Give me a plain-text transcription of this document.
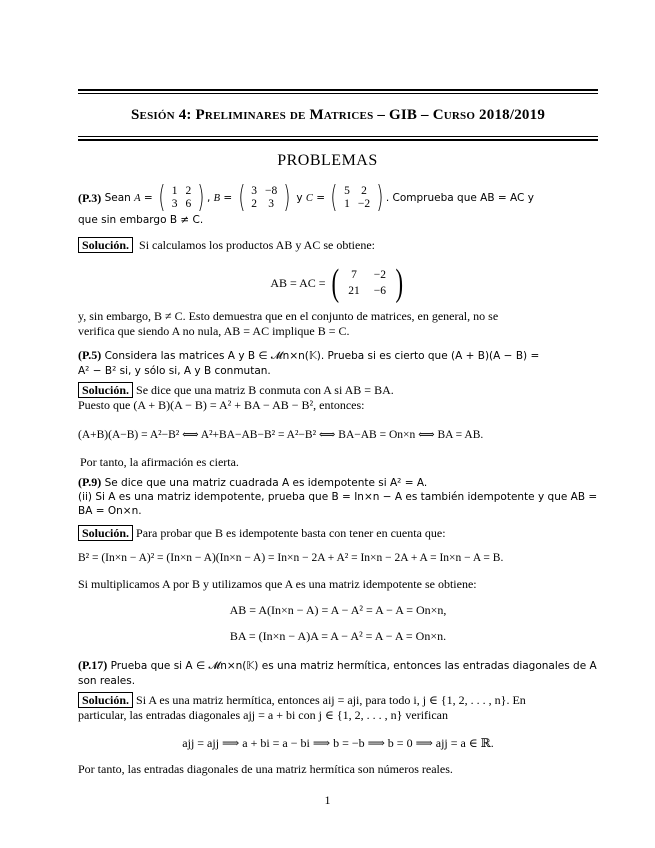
Sesión 4: Preliminares de Matrices – GIB – Curso 2018/2019
PROBLEMAS
(P.3)
Sean
A = ( 1	2
3	6 ) , B = ( 3	−8
2	3 ) y C = ( 5	2
1	−2 ) . Comprueba que AB = AC y
que sin embargo B ≠ C.
Solución. Si calculamos los productos AB y AC se obtiene:
AB = AC =
( 7	−2
21	−6 )
y, sin embargo, B ≠ C. Esto demuestra que en el conjunto de matrices, en general, no se
verifica que siendo A no nula, AB = AC implique B = C.
(P.5) Considera las matrices A y B ∈ 𝓜n×n(𝕂). Prueba si es cierto que (A + B)(A − B) =
A² − B² si, y sólo si, A y B conmutan.
Solución. Se dice que una matriz B conmuta con A si AB = BA.
Puesto que (A + B)(A − B) = A² + BA − AB − B², entonces:
(A+B)(A−B) = A²−B² ⟺ A²+BA−AB−B² = A²−B² ⟺ BA−AB = On×n ⟺ BA = AB.
Por tanto, la afirmación es cierta.
(P.9) Se dice que una matriz cuadrada A es idempotente si A² = A.
(ii) Si A es una matriz idempotente, prueba que B = In×n − A es también idempotente y que AB =
BA = On×n.
Solución. Para probar que B es idempotente basta con tener en cuenta que:
B² = (In×n − A)² = (In×n − A)(In×n − A) = In×n − 2A + A² = In×n − 2A + A = In×n − A = B.
Si multiplicamos A por B y utilizamos que A es una matriz idempotente se obtiene:
AB = A(In×n − A) = A − A² = A − A = On×n,
BA = (In×n − A)A = A − A² = A − A = On×n.
(P.17) Prueba que si A ∈ 𝓜n×n(𝕂) es una matriz hermítica, entonces las entradas diagonales de A
son reales.
Solución. Si A es una matriz hermítica, entonces aij = aji, para todo i, j ∈ {1, 2, . . . , n}. En
particular, las entradas diagonales ajj = a + bi con j ∈ {1, 2, . . . , n} verifican
ajj = ajj ⟹ a + bi = a − bi ⟹ b = −b ⟹ b = 0 ⟹ ajj = a ∈ ℝ.
Por tanto, las entradas diagonales de una matriz hermítica son números reales.
1
